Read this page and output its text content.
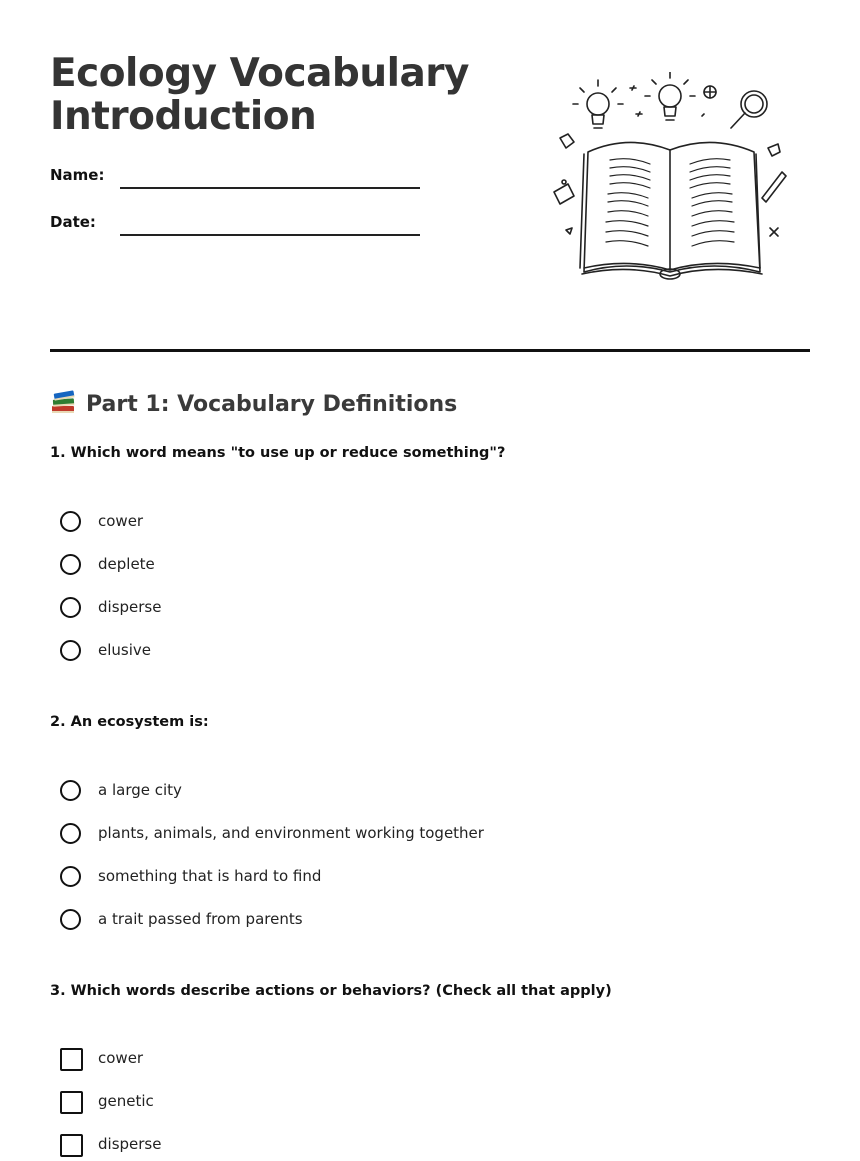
Ecology Vocabulary
Introduction
Name:
Date:
Part 1: Vocabulary Definitions
1. Which word means "to use up or reduce something"?
cower
deplete
disperse
elusive
2. An ecosystem is:
a large city
plants, animals, and environment working together
something that is hard to find
a trait passed from parents
3. Which words describe actions or behaviors? (Check all that apply)
cower
genetic
disperse
